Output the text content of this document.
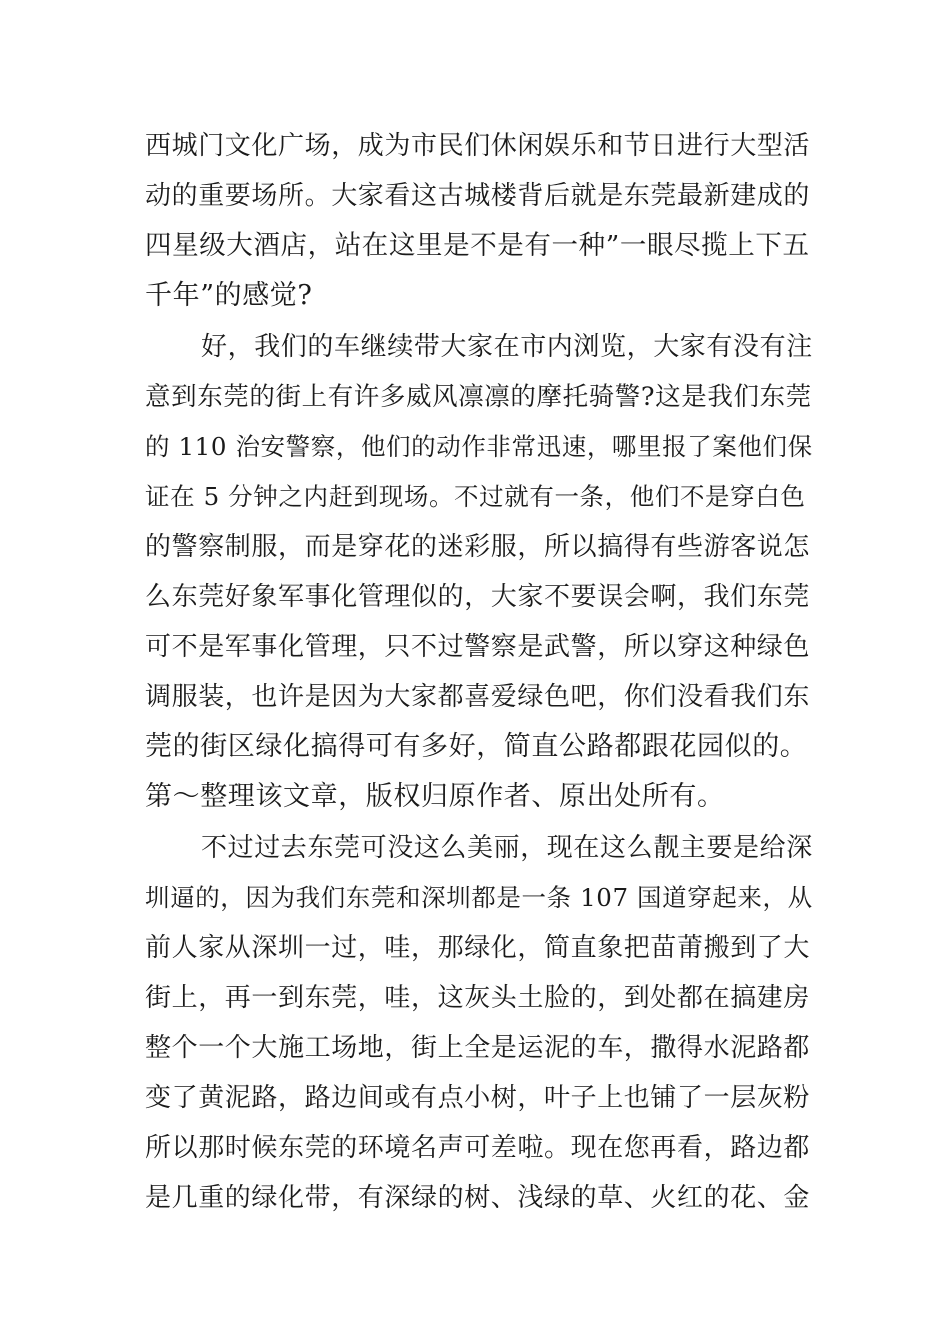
西城门文化广场，成为市民们休闲娱乐和节日进行大型活
动的重要场所。大家看这古城楼背后就是东莞最新建成的
四星级大酒店，站在这里是不是有一种”一眼尽揽上下五
千年”的感觉?
好，我们的车继续带大家在市内浏览，大家有没有注
意到东莞的街上有许多威风凛凛的摩托骑警?这是我们东莞
的 110 治安警察，他们的动作非常迅速，哪里报了案他们保
证在 5 分钟之内赶到现场。不过就有一条，他们不是穿白色
的警察制服，而是穿花的迷彩服，所以搞得有些游客说怎
么东莞好象军事化管理似的，大家不要误会啊，我们东莞
可不是军事化管理，只不过警察是武警，所以穿这种绿色
调服装，也许是因为大家都喜爱绿色吧，你们没看我们东
莞的街区绿化搞得可有多好，简直公路都跟花园似的。
第～整理该文章，版权归原作者、原出处所有。
不过过去东莞可没这么美丽，现在这么靓主要是给深
圳逼的，因为我们东莞和深圳都是一条 107 国道穿起来，从
前人家从深圳一过，哇，那绿化，简直象把苗莆搬到了大
街上，再一到东莞，哇，这灰头土脸的，到处都在搞建房
整个一个大施工场地，街上全是运泥的车，撒得水泥路都
变了黄泥路，路边间或有点小树，叶子上也铺了一层灰粉
所以那时候东莞的环境名声可差啦。现在您再看，路边都
是几重的绿化带，有深绿的树、浅绿的草、火红的花、金
